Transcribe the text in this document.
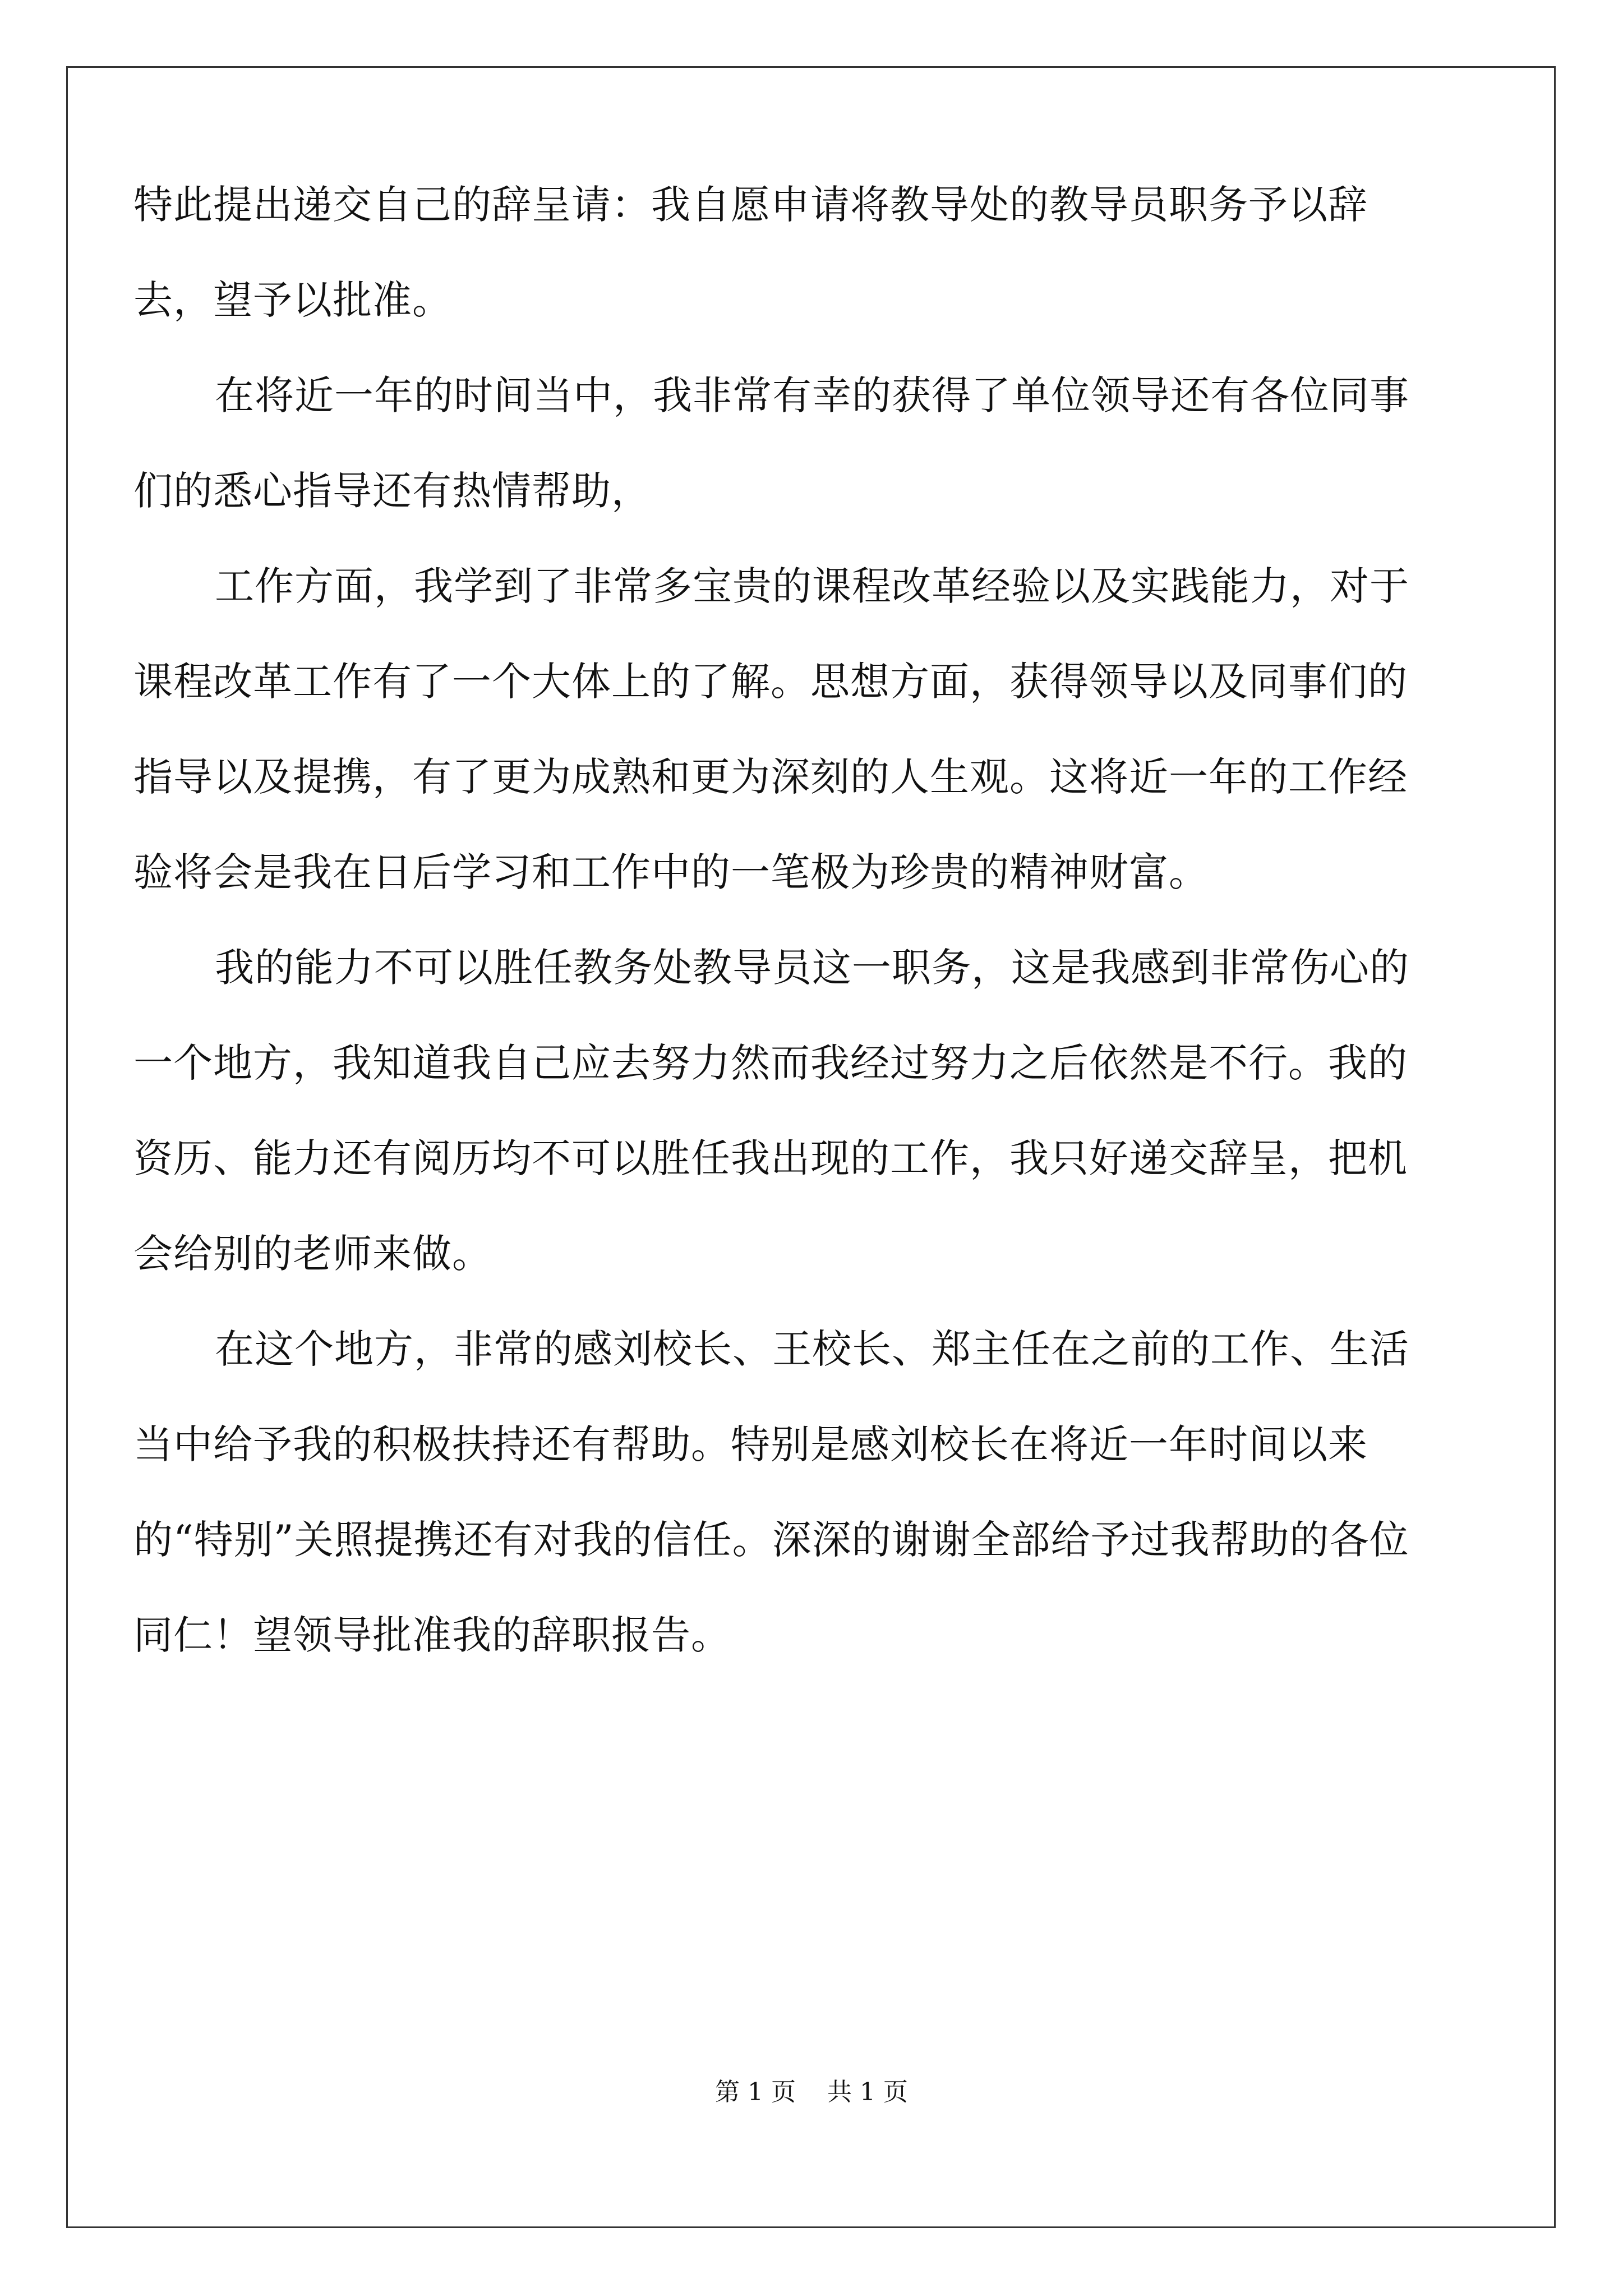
特此提出递交自己的辞呈请：我自愿申请将教导处的教导员职务予以辞去，望予以批准。

在将近一年的时间当中，我非常有幸的获得了单位领导还有各位同事们的悉心指导还有热情帮助，

工作方面，我学到了非常多宝贵的课程改革经验以及实践能力，对于课程改革工作有了一个大体上的了解。思想方面，获得领导以及同事们的指导以及提携，有了更为成熟和更为深刻的人生观。这将近一年的工作经验将会是我在日后学习和工作中的一笔极为珍贵的精神财富。

我的能力不可以胜任教务处教导员这一职务，这是我感到非常伤心的一个地方，我知道我自己应去努力然而我经过努力之后依然是不行。我的资历、能力还有阅历均不可以胜任我出现的工作，我只好递交辞呈，把机会给别的老师来做。

在这个地方，非常的感刘校长、王校长、郑主任在之前的工作、生活当中给予我的积极扶持还有帮助。特别是感刘校长在将近一年时间以来的“特别”关照提携还有对我的信任。深深的谢谢全部给予过我帮助的各位同仁！望领导批准我的辞职报告。

第 1 页 共 1 页
